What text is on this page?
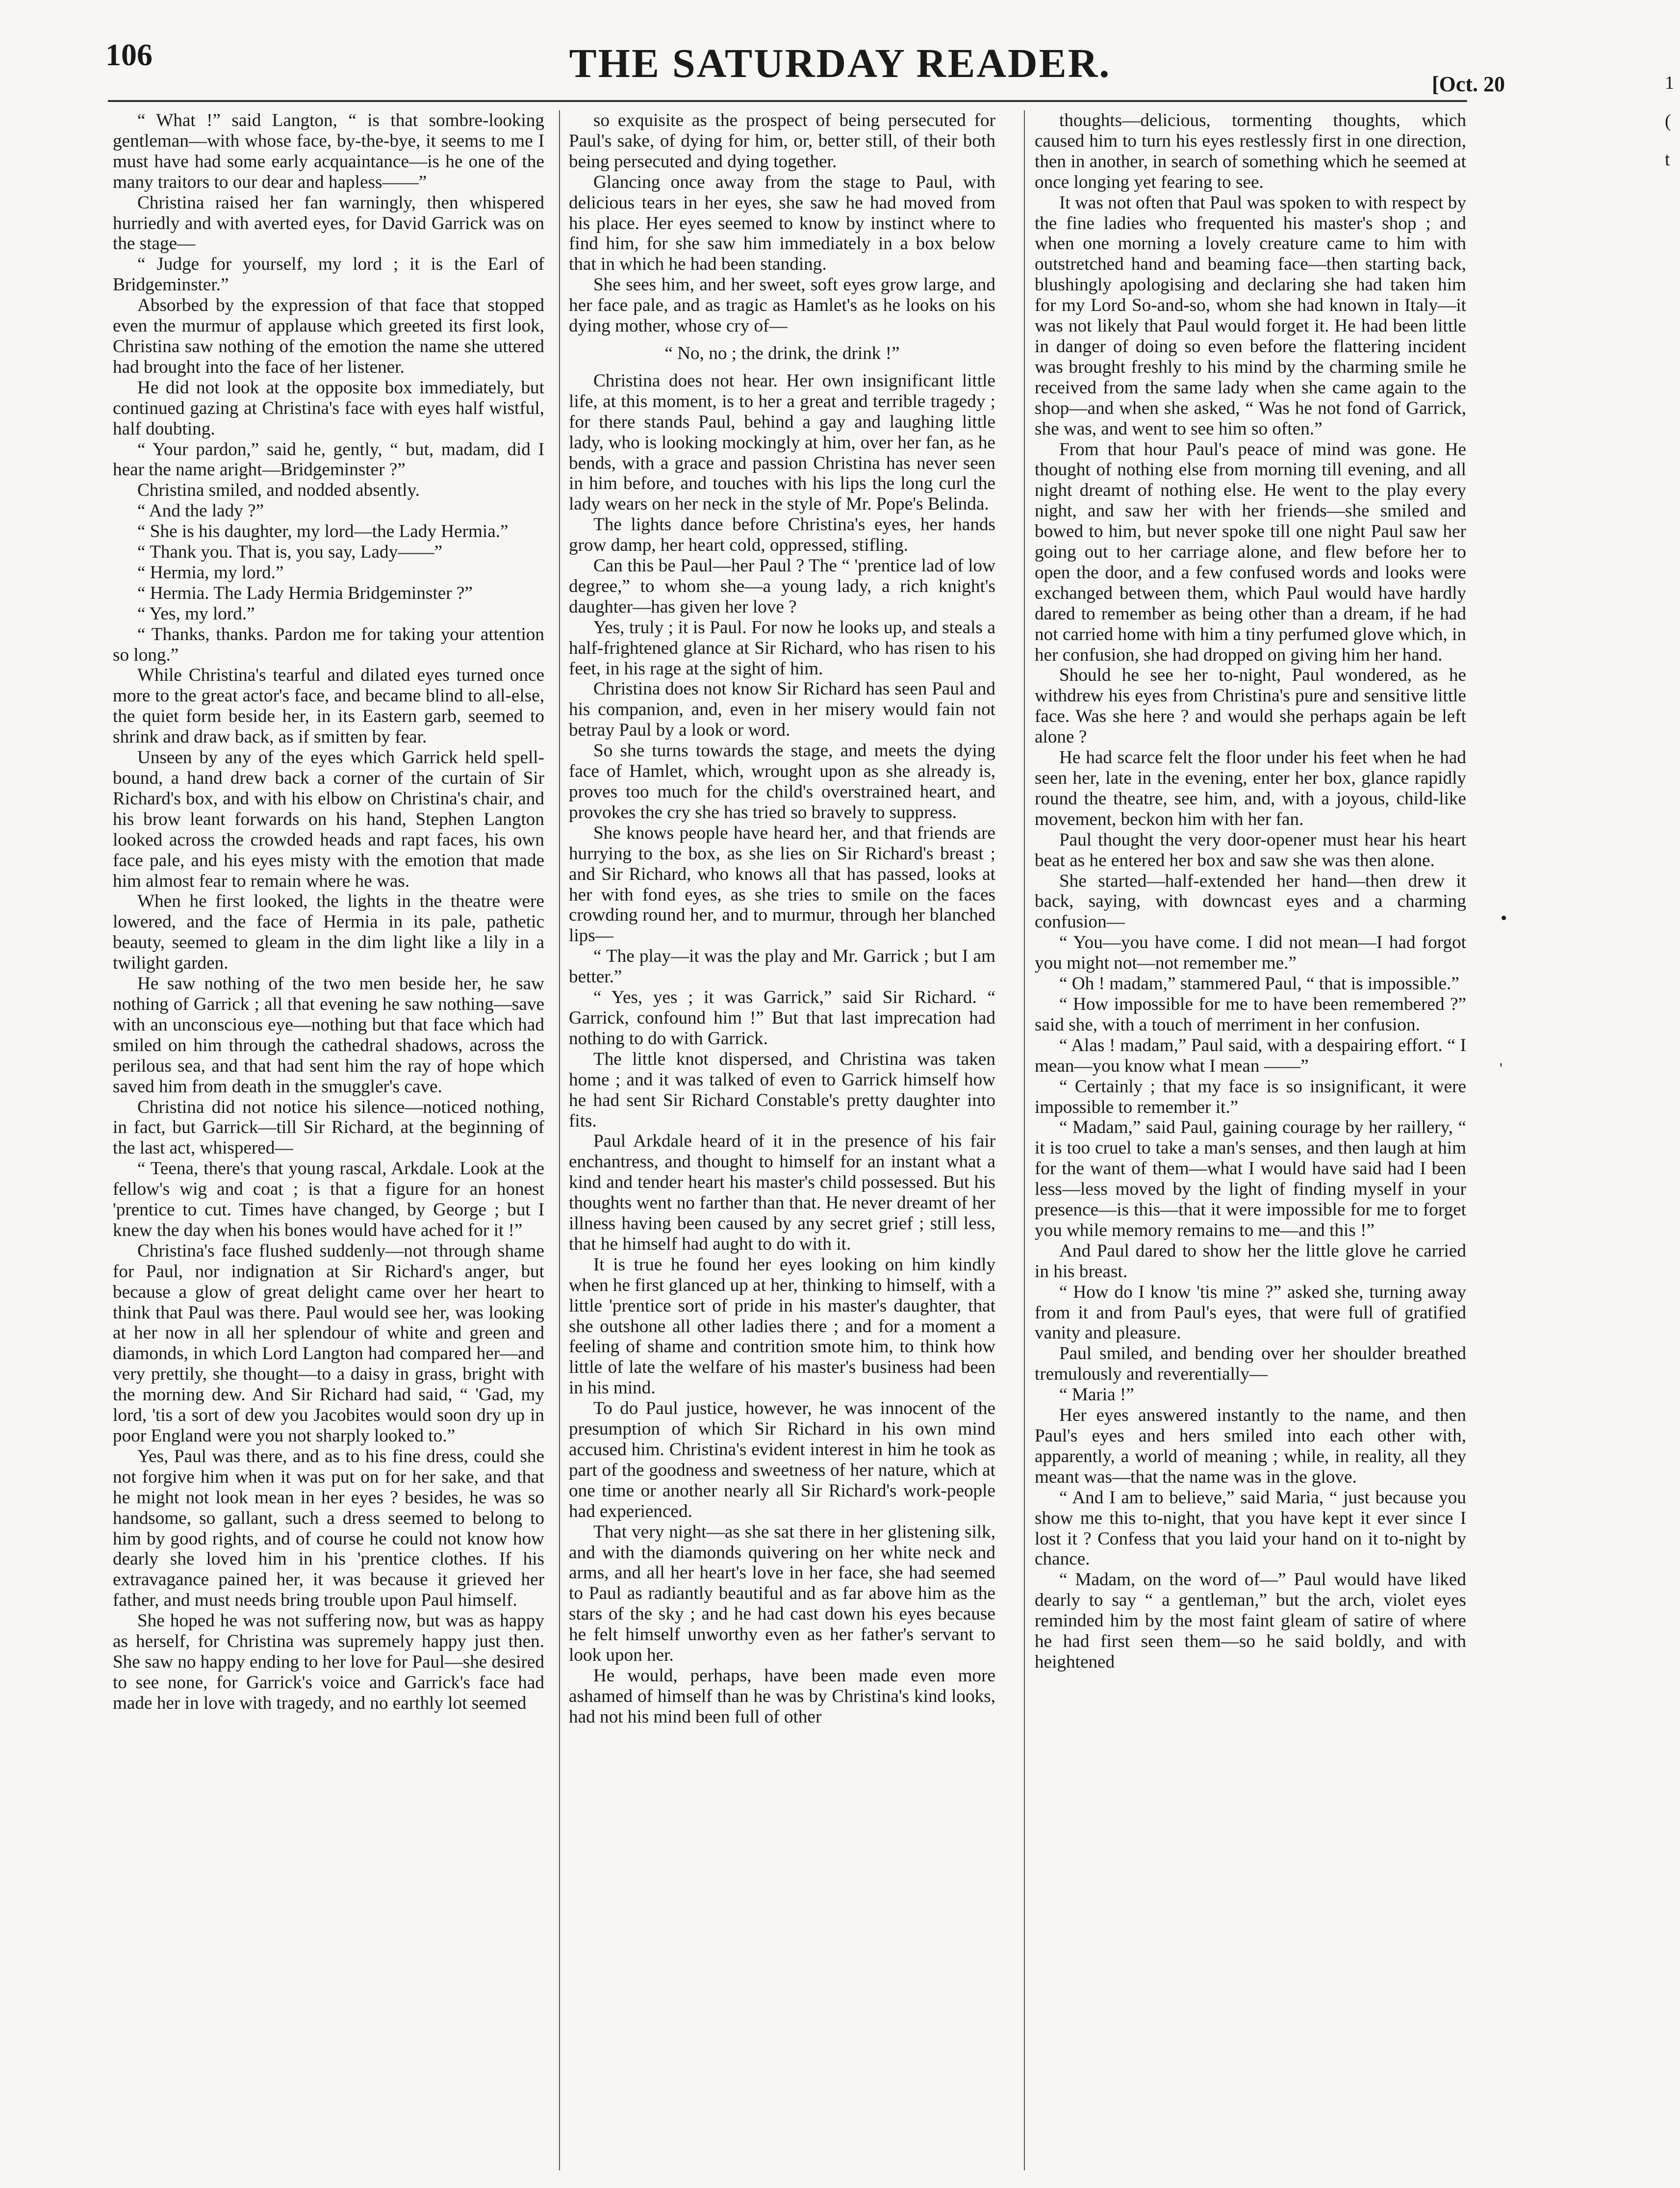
106	THE SATURDAY READER.	[Oct. 20

“ What !” said Langton, “ is that sombre-looking gentleman—with whose face, by-the-bye, it seems to me I must have had some early acquaintance—is he one of the many traitors to our dear and hapless——”

Christina raised her fan warningly, then whispered hurriedly and with averted eyes, for David Garrick was on the stage—

“ Judge for yourself, my lord ; it is the Earl of Bridgeminster.”

Absorbed by the expression of that face that stopped even the murmur of applause which greeted its first look, Christina saw nothing of the emotion the name she uttered had brought into the face of her listener.

He did not look at the opposite box immediately, but continued gazing at Christina's face with eyes half wistful, half doubting.

“ Your pardon,” said he, gently, “ but, madam, did I hear the name aright—Bridgeminster ?”

Christina smiled, and nodded absently.

“ And the lady ?”

“ She is his daughter, my lord—the Lady Hermia.”

“ Thank you. That is, you say, Lady——”

“ Hermia, my lord.”

“ Hermia. The Lady Hermia Bridgeminster ?”

“ Yes, my lord.”

“ Thanks, thanks. Pardon me for taking your attention so long.”

While Christina's tearful and dilated eyes turned once more to the great actor's face, and became blind to all-else, the quiet form beside her, in its Eastern garb, seemed to shrink and draw back, as if smitten by fear.

Unseen by any of the eyes which Garrick held spell-bound, a hand drew back a corner of the curtain of Sir Richard's box, and with his elbow on Christina's chair, and his brow leant forwards on his hand, Stephen Langton looked across the crowded heads and rapt faces, his own face pale, and his eyes misty with the emotion that made him almost fear to remain where he was.

When he first looked, the lights in the theatre were lowered, and the face of Hermia in its pale, pathetic beauty, seemed to gleam in the dim light like a lily in a twilight garden.

He saw nothing of the two men beside her, he saw nothing of Garrick ; all that evening he saw nothing—save with an unconscious eye—nothing but that face which had smiled on him through the cathedral shadows, across the perilous sea, and that had sent him the ray of hope which saved him from death in the smuggler's cave.

Christina did not notice his silence—noticed nothing, in fact, but Garrick—till Sir Richard, at the beginning of the last act, whispered—

“ Teena, there's that young rascal, Arkdale. Look at the fellow's wig and coat ; is that a figure for an honest 'prentice to cut. Times have changed, by George ; but I knew the day when his bones would have ached for it !”

Christina's face flushed suddenly—not through shame for Paul, nor indignation at Sir Richard's anger, but because a glow of great delight came over her heart to think that Paul was there. Paul would see her, was looking at her now in all her splendour of white and green and diamonds, in which Lord Langton had compared her—and very prettily, she thought—to a daisy in grass, bright with the morning dew. And Sir Richard had said, “ 'Gad, my lord, 'tis a sort of dew you Jacobites would soon dry up in poor England were you not sharply looked to.”

Yes, Paul was there, and as to his fine dress, could she not forgive him when it was put on for her sake, and that he might not look mean in her eyes ? besides, he was so handsome, so gallant, such a dress seemed to belong to him by good rights, and of course he could not know how dearly she loved him in his 'prentice clothes. If his extravagance pained her, it was because it grieved her father, and must needs bring trouble upon Paul himself.

She hoped he was not suffering now, but was as happy as herself, for Christina was supremely happy just then. She saw no happy ending to her love for Paul—she desired to see none, for Garrick's voice and Garrick's face had made her in love with tragedy, and no earthly lot seemed

so exquisite as the prospect of being persecuted for Paul's sake, of dying for him, or, better still, of their both being persecuted and dying together.

Glancing once away from the stage to Paul, with delicious tears in her eyes, she saw he had moved from his place. Her eyes seemed to know by instinct where to find him, for she saw him immediately in a box below that in which he had been standing.

She sees him, and her sweet, soft eyes grow large, and her face pale, and as tragic as Hamlet's as he looks on his dying mother, whose cry of—

“ No, no ; the drink, the drink !”

Christina does not hear. Her own insignificant little life, at this moment, is to her a great and terrible tragedy ; for there stands Paul, behind a gay and laughing little lady, who is looking mockingly at him, over her fan, as he bends, with a grace and passion Christina has never seen in him before, and touches with his lips the long curl the lady wears on her neck in the style of Mr. Pope's Belinda.

The lights dance before Christina's eyes, her hands grow damp, her heart cold, oppressed, stifling.

Can this be Paul—her Paul ? The “ 'prentice lad of low degree,” to whom she—a young lady, a rich knight's daughter—has given her love ?

Yes, truly ; it is Paul. For now he looks up, and steals a half-frightened glance at Sir Richard, who has risen to his feet, in his rage at the sight of him.

Christina does not know Sir Richard has seen Paul and his companion, and, even in her misery would fain not betray Paul by a look or word.

So she turns towards the stage, and meets the dying face of Hamlet, which, wrought upon as she already is, proves too much for the child's overstrained heart, and provokes the cry she has tried so bravely to suppress.

She knows people have heard her, and that friends are hurrying to the box, as she lies on Sir Richard's breast ; and Sir Richard, who knows all that has passed, looks at her with fond eyes, as she tries to smile on the faces crowding round her, and to murmur, through her blanched lips—

“ The play—it was the play and Mr. Garrick ; but I am better.”

“ Yes, yes ; it was Garrick,” said Sir Richard. “ Garrick, confound him !” But that last imprecation had nothing to do with Garrick.

The little knot dispersed, and Christina was taken home ; and it was talked of even to Garrick himself how he had sent Sir Richard Constable's pretty daughter into fits.

Paul Arkdale heard of it in the presence of his fair enchantress, and thought to himself for an instant what a kind and tender heart his master's child possessed. But his thoughts went no farther than that. He never dreamt of her illness having been caused by any secret grief ; still less, that he himself had aught to do with it.

It is true he found her eyes looking on him kindly when he first glanced up at her, thinking to himself, with a little 'prentice sort of pride in his master's daughter, that she outshone all other ladies there ; and for a moment a feeling of shame and contrition smote him, to think how little of late the welfare of his master's business had been in his mind.

To do Paul justice, however, he was innocent of the presumption of which Sir Richard in his own mind accused him. Christina's evident interest in him he took as part of the goodness and sweetness of her nature, which at one time or another nearly all Sir Richard's work-people had experienced.

That very night—as she sat there in her glistening silk, and with the diamonds quivering on her white neck and arms, and all her heart's love in her face, she had seemed to Paul as radiantly beautiful and as far above him as the stars of the sky ; and he had cast down his eyes because he felt himself unworthy even as her father's servant to look upon her.

He would, perhaps, have been made even more ashamed of himself than he was by Christina's kind looks, had not his mind been full of other

thoughts—delicious, tormenting thoughts, which caused him to turn his eyes restlessly first in one direction, then in another, in search of something which he seemed at once longing yet fearing to see.

It was not often that Paul was spoken to with respect by the fine ladies who frequented his master's shop ; and when one morning a lovely creature came to him with outstretched hand and beaming face—then starting back, blushingly apologising and declaring she had taken him for my Lord So-and-so, whom she had known in Italy—it was not likely that Paul would forget it. He had been little in danger of doing so even before the flattering incident was brought freshly to his mind by the charming smile he received from the same lady when she came again to the shop—and when she asked, “ Was he not fond of Garrick, she was, and went to see him so often.”

From that hour Paul's peace of mind was gone. He thought of nothing else from morning till evening, and all night dreamt of nothing else. He went to the play every night, and saw her with her friends—she smiled and bowed to him, but never spoke till one night Paul saw her going out to her carriage alone, and flew before her to open the door, and a few confused words and looks were exchanged between them, which Paul would have hardly dared to remember as being other than a dream, if he had not carried home with him a tiny perfumed glove which, in her confusion, she had dropped on giving him her hand.

Should he see her to-night, Paul wondered, as he withdrew his eyes from Christina's pure and sensitive little face. Was she here ? and would she perhaps again be left alone ?

He had scarce felt the floor under his feet when he had seen her, late in the evening, enter her box, glance rapidly round the theatre, see him, and, with a joyous, child-like movement, beckon him with her fan.

Paul thought the very door-opener must hear his heart beat as he entered her box and saw she was then alone.

She started—half-extended her hand—then drew it back, saying, with downcast eyes and a charming confusion—

“ You—you have come. I did not mean—I had forgot you might not—not remember me.”

“ Oh ! madam,” stammered Paul, “ that is impossible.”

“ How impossible for me to have been remembered ?” said she, with a touch of merriment in her confusion.

“ Alas ! madam,” Paul said, with a despairing effort. “ I mean—you know what I mean ——”

“ Certainly ; that my face is so insignificant, it were impossible to remember it.”

“ Madam,” said Paul, gaining courage by her raillery, “ it is too cruel to take a man's senses, and then laugh at him for the want of them—what I would have said had I been less—less moved by the light of finding myself in your presence—is this—that it were impossible for me to forget you while memory remains to me—and this !”

And Paul dared to show her the little glove he carried in his breast.

“ How do I know 'tis mine ?” asked she, turning away from it and from Paul's eyes, that were full of gratified vanity and pleasure.

Paul smiled, and bending over her shoulder breathed tremulously and reverentially—

“ Maria !”

Her eyes answered instantly to the name, and then Paul's eyes and hers smiled into each other with, apparently, a world of meaning ; while, in reality, all they meant was—that the name was in the glove.

“ And I am to believe,” said Maria, “ just because you show me this to-night, that you have kept it ever since I lost it ? Confess that you laid your hand on it to-night by chance.

“ Madam, on the word of—” Paul would have liked dearly to say “ a gentleman,” but the arch, violet eyes reminded him by the most faint gleam of satire of where he had first seen them—so he said boldly, and with heightened

1
(
t
•
'
